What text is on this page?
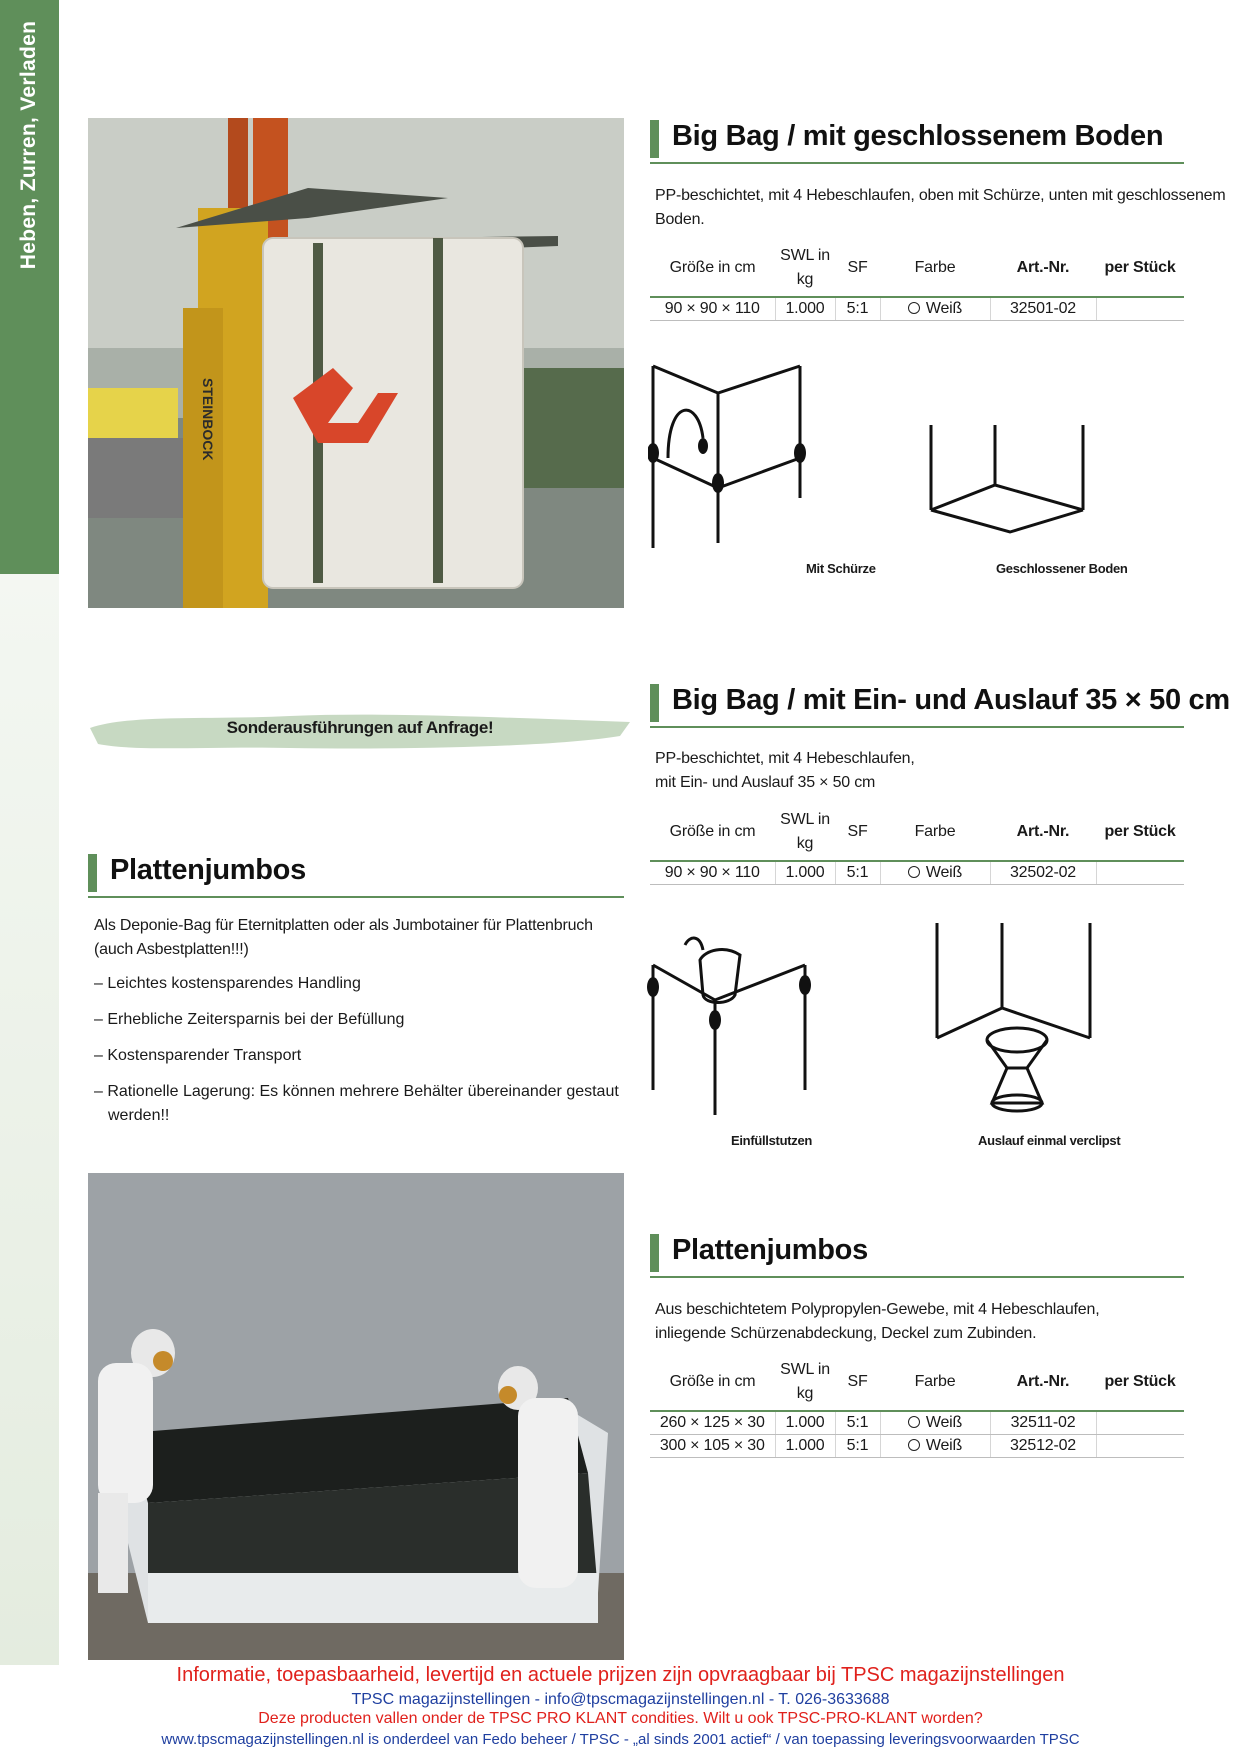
Heben, Zurren, Verladen
STEINBOCK
Big Bag / mit geschlossenem Boden
PP-beschichtet, mit 4 Hebeschlaufen, oben mit Schürze, unten mit geschlossenem
Boden.
Größe in cm	SWL in kg	SF	Farbe	Art.-Nr.	per Stück
90 × 90 × 110	1.000	5:1	Weiß	32501-02	
Mit Schürze	Geschlossener Boden
Big Bag / mit Ein- und Auslauf 35 × 50 cm
PP-beschichtet, mit 4 Hebeschlaufen,
mit Ein- und Auslauf 35 × 50 cm
Größe in cm	SWL in kg	SF	Farbe	Art.-Nr.	per Stück
90 × 90 × 110	1.000	5:1	Weiß	32502-02	
Einfüllstutzen	Auslauf einmal verclipst
Sonderausführungen auf Anfrage!
Plattenjumbos
Als Deponie-Bag für Eternitplatten oder als Jumbotainer für Plattenbruch
(auch Asbestplatten!!!)
– Leichtes kostensparendes Handling
– Erhebliche Zeitersparnis bei der Befüllung
– Kostensparender Transport
– Rationelle Lagerung: Es können mehrere Behälter übereinander gestaut
werden!!
Plattenjumbos
Aus beschichtetem Polypropylen-Gewebe, mit 4 Hebeschlaufen,
inliegende Schürzenabdeckung, Deckel zum Zubinden.
Größe in cm	SWL in kg	SF	Farbe	Art.-Nr.	per Stück
260 × 125 × 30	1.000	5:1	Weiß	32511-02	
300 × 105 × 30	1.000	5:1	Weiß	32512-02	
Informatie, toepasbaarheid, levertijd en actuele prijzen zijn opvraagbaar bij TPSC magazijnstellingen
TPSC magazijnstellingen - info@tpscmagazijnstellingen.nl - T. 026-3633688
Deze producten vallen onder de TPSC PRO KLANT condities. Wilt u ook TPSC-PRO-KLANT worden?
www.tpscmagazijnstellingen.nl is onderdeel van Fedo beheer / TPSC - „al sinds 2001 actief“ / van toepassing leveringsvoorwaarden TPSC
